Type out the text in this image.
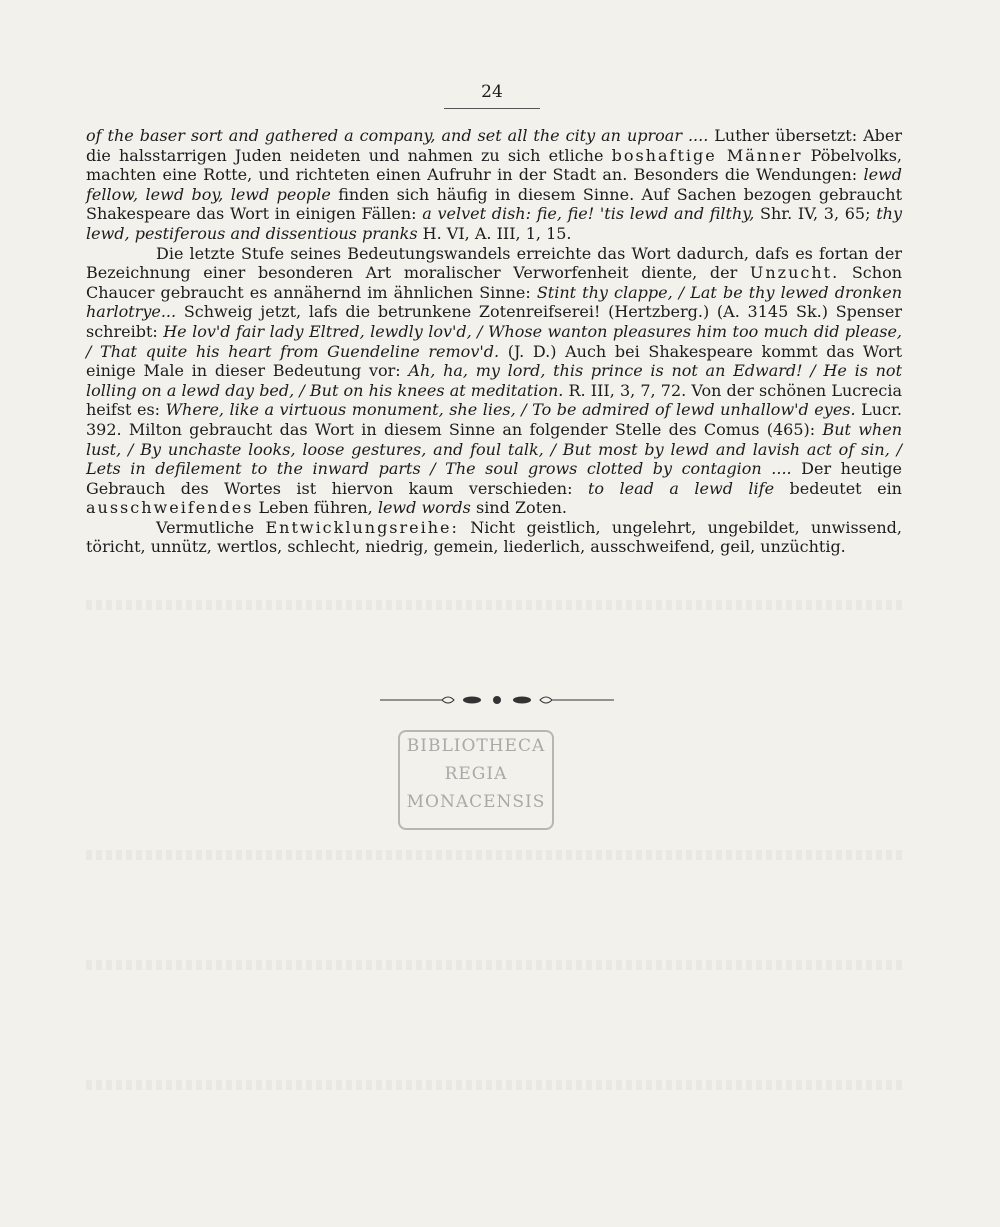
24

of the baser sort and gathered a company, and set all the city an uproar .... Luther übersetzt: Aber die halsstarrigen Juden neideten und nahmen zu sich etliche boshaftige Männer Pöbelvolks, machten eine Rotte, und richteten einen Aufruhr in der Stadt an. Besonders die Wendungen: lewd fellow, lewd boy, lewd people finden sich häufig in diesem Sinne. Auf Sachen bezogen gebraucht Shakespeare das Wort in einigen Fällen: a velvet dish: fie, fie! 'tis lewd and filthy, Shr. IV, 3, 65; thy lewd, pestiferous and dissentious pranks H. VI, A. III, 1, 15.

Die letzte Stufe seines Bedeutungswandels erreichte das Wort dadurch, dafs es fortan der Bezeichnung einer besonderen Art moralischer Verworfenheit diente, der Unzucht. Schon Chaucer gebraucht es annähernd im ähnlichen Sinne: Stint thy clappe, / Lat be thy lewed dronken harlotrye... Schweig jetzt, lafs die betrunkene Zotenreifserei! (Hertzberg.) (A. 3145 Sk.) Spenser schreibt: He lov'd fair lady Eltred, lewdly lov'd, / Whose wanton pleasures him too much did please, / That quite his heart from Guendeline remov'd. (J. D.) Auch bei Shakespeare kommt das Wort einige Male in dieser Bedeutung vor: Ah, ha, my lord, this prince is not an Edward! / He is not lolling on a lewd day bed, / But on his knees at meditation. R. III, 3, 7, 72. Von der schönen Lucrecia heifst es: Where, like a virtuous monument, she lies, / To be admired of lewd unhallow'd eyes. Lucr. 392. Milton gebraucht das Wort in diesem Sinne an folgender Stelle des Comus (465): But when lust, / By unchaste looks, loose gestures, and foul talk, / But most by lewd and lavish act of sin, / Lets in defilement to the inward parts / The soul grows clotted by contagion .... Der heutige Gebrauch des Wortes ist hiervon kaum verschieden: to lead a lewd life bedeutet ein ausschweifendes Leben führen, lewd words sind Zoten.

Vermutliche Entwicklungsreihe: Nicht geistlich, ungelehrt, ungebildet, unwissend, töricht, unnütz, wertlos, schlecht, niedrig, gemein, liederlich, ausschweifend, geil, unzüchtig.

BIBLIOTHECA
REGIA
MONACENSIS
